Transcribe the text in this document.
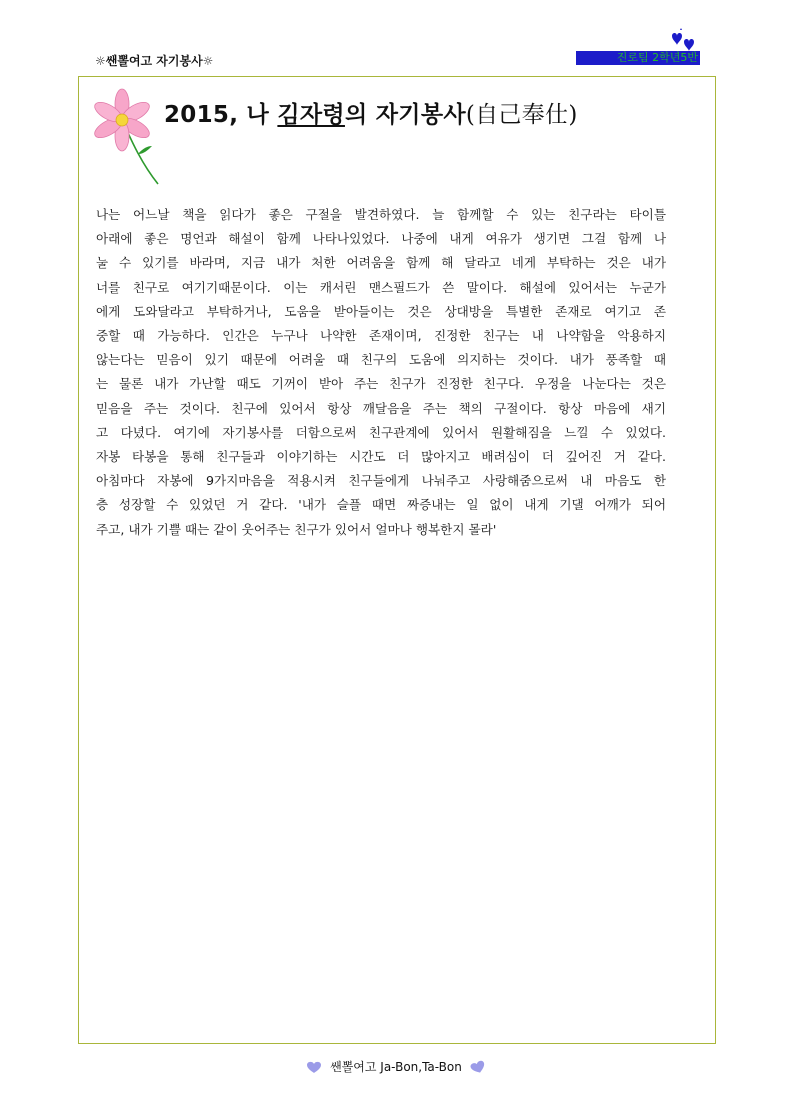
☼쌘뽈여고 자기봉사☼	진로팀 2학년5반
2015, 나 김자령의 자기봉사(自己奉仕)
나는 어느날 책을 읽다가 좋은 구절을 발견하였다. 늘 함께할 수 있는 친구라는 타이틀
아래에 좋은 명언과 해설이 함께 나타나있었다. 나중에 내게 여유가 생기면 그걸 함께 나
눌 수 있기를 바라며, 지금 내가 처한 어려움을 함께 해 달라고 네게 부탁하는 것은 내가
너를 친구로 여기기때문이다. 이는 캐서린 맨스필드가 쓴 말이다. 해설에 있어서는 누군가
에게 도와달라고 부탁하거나, 도움을 받아들이는 것은 상대방을 특별한 존재로 여기고 존
중할 때 가능하다. 인간은 누구나 나약한 존재이며, 진정한 친구는 내 나약함을 악용하지
않는다는 믿음이 있기 때문에 어려울 때 친구의 도움에 의지하는 것이다. 내가 풍족할 때
는 물론 내가 가난할 때도 기꺼이 받아 주는 친구가 진정한 친구다. 우정을 나눈다는 것은
믿음을 주는 것이다. 친구에 있어서 항상 깨달음을 주는 책의 구절이다. 항상 마음에 새기
고 다녔다. 여기에 자기봉사를 더함으로써 친구관계에 있어서 원활해짐을 느낄 수 있었다.
자봉 타봉을 통해 친구들과 이야기하는 시간도 더 많아지고 배려심이 더 깊어진 거 같다.
아침마다 자봉에 9가지마음을 적용시켜 친구들에게 나눠주고 사랑해줌으로써 내 마음도 한
층 성장할 수 있었던 거 같다. '내가 슬플 때면 짜증내는 일 없이 내게 기댈 어깨가 되어
주고, 내가 기쁠 때는 같이 웃어주는 친구가 있어서 얼마나 행복한지 몰라'
쌘뽈여고 Ja-Bon,Ta-Bon
